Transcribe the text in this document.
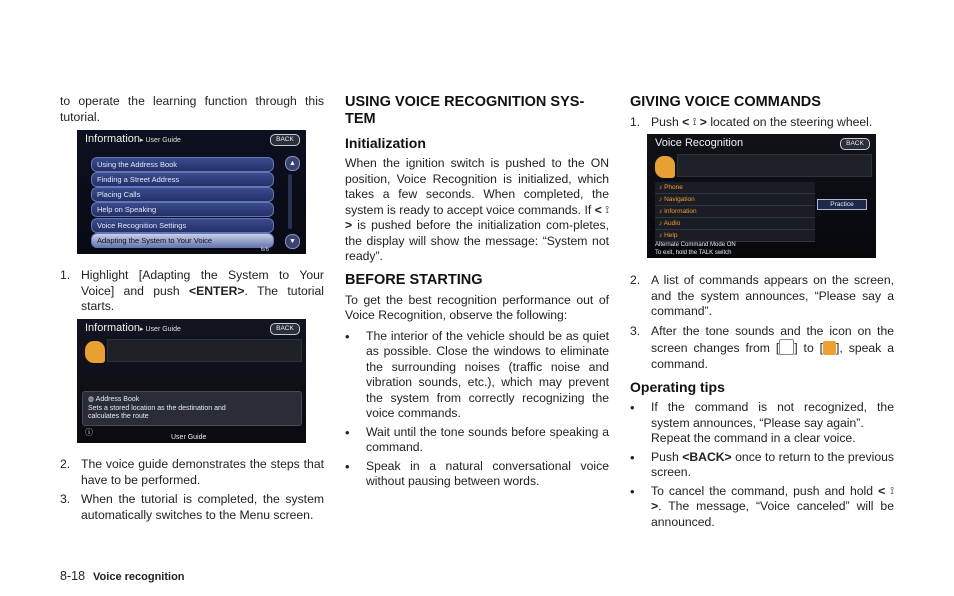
to operate the learning function through this tutorial.

Information▸ User Guide	BACK
Using the Address Book
Finding a Street Address
Placing Calls
Help on Speaking
Voice Recognition Settings
Adapting the System to Your Voice
▲
▼
6/6
1. Highlight [Adapting the System to Your Voice] and push <ENTER>. The tutorial starts.
Information▸ User Guide	BACK
◍ Address Book
Sets a stored location as the destination and
calculates the route
ⓘ
User Guide
2. The voice guide demonstrates the steps that have to be performed.
3. When the tutorial is completed, the system automatically switches to the Menu screen.
USING VOICE RECOGNITION SYS-TEM
Initialization

When the ignition switch is pushed to the ON position, Voice Recognition is initialized, which takes a few seconds. When completed, the system is ready to accept voice commands. If < ⟟ > is pushed before the initialization com-pletes, the display will show the message: “System not ready”.

BEFORE STARTING

To get the best recognition performance out of Voice Recognition, observe the following:

•	The interior of the vehicle should be as quiet as possible. Close the windows to eliminate the surrounding noises (traffic noise and vibration sounds, etc.), which may prevent the system from correctly recognizing the voice commands.
•	Wait until the tone sounds before speaking a command.
•	Speak in a natural conversational voice without pausing between words.
GIVING VOICE COMMANDS
1. Push < ⟟ > located on the steering wheel.
Voice Recognition	BACK
♪ Phone
♪ Navigation
♪ Information
♪ Audio
♪ Help
Practice
Alternate Command Mode ON
To exit, hold the TALK switch
2. A list of commands appears on the screen, and the system announces, “Please say a command”.
3. After the tone sounds and the icon on the screen changes from [ ] to [ ], speak a command.
Operating tips
•	If the command is not recognized, the system announces, “Please say again”.
Repeat the command in a clear voice.
•	Push <BACK> once to return to the previous screen.
•	To cancel the command, push and hold < ⟟ >. The message, “Voice canceled” will be announced.
8-18 Voice recognition
